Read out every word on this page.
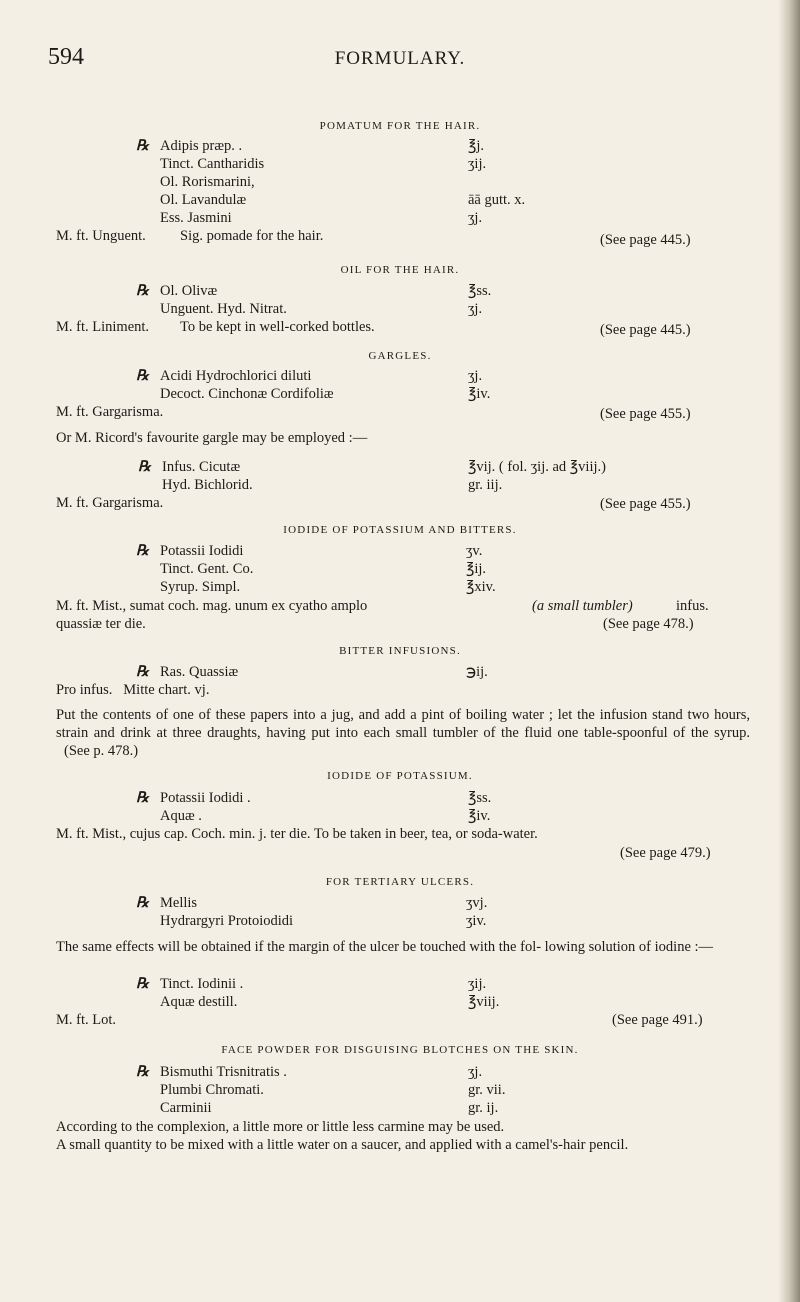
594	FORMULARY.
POMATUM FOR THE HAIR.
℞ Adipis præp. .	℥j.
Tinct. Cantharidis	ʒij.
Ol. Rorismarini,
Ol. Lavandulæ	āā gutt. x.
Ess. Jasmini	ʒj.
M. ft. Unguent. Sig. pomade for the hair.	(See page 445.)
OIL FOR THE HAIR.
℞ Ol. Olivæ	℥ss.
Unguent. Hyd. Nitrat.	ʒj.
M. ft. Liniment. To be kept in well-corked bottles.	(See page 445.)
GARGLES.
℞ Acidi Hydrochlorici diluti	ʒj.
Decoct. Cinchonæ Cordifoliæ	℥iv.
M. ft. Gargarisma.	(See page 455.)
Or M. Ricord's favourite gargle may be employed :—
℞ Infus. Cicutæ	℥vij. ( fol. ʒij. ad ℥viij.)
Hyd. Bichlorid.	gr. iij.
M. ft. Gargarisma.	(See page 455.)
IODIDE OF POTASSIUM AND BITTERS.
℞ Potassii Iodidi	ʒv.
Tinct. Gent. Co.	℥ij.
Syrup. Simpl.	℥xiv.
M. ft. Mist., sumat coch. mag. unum ex cyatho amplo	(a small tumbler)	infus.
quassiæ ter die.	(See page 478.)
BITTER INFUSIONS.
℞ Ras. Quassiæ	℈ij.
Pro infus.   Mitte chart. vj.
Put the contents of one of these papers into a jug, and add a pint of boiling water ; let the infusion stand two hours, strain and drink at three draughts, having put into each small tumbler of the fluid one table-spoonful of the syrup. (See p. 478.)
IODIDE OF POTASSIUM.
℞ Potassii Iodidi .	℥ss.
Aquæ .	℥iv.
M. ft. Mist., cujus cap. Coch. min. j. ter die. To be taken in beer, tea, or soda-water.
(See page 479.)
FOR TERTIARY ULCERS.
℞ Mellis	ʒvj.
Hydrargyri Protoiodidi	ʒiv.
The same effects will be obtained if the margin of the ulcer be touched with the fol- lowing solution of iodine :—
℞ Tinct. Iodinii .	ʒij.
Aquæ destill.	℥viij.
M. ft. Lot.	(See page 491.)
FACE POWDER FOR DISGUISING BLOTCHES ON THE SKIN.
℞ Bismuthi Trisnitratis .	ʒj.
Plumbi Chromati.	gr. vii.
Carminii	gr. ij.
According to the complexion, a little more or little less carmine may be used.
A small quantity to be mixed with a little water on a saucer, and applied with a camel's-hair pencil.
